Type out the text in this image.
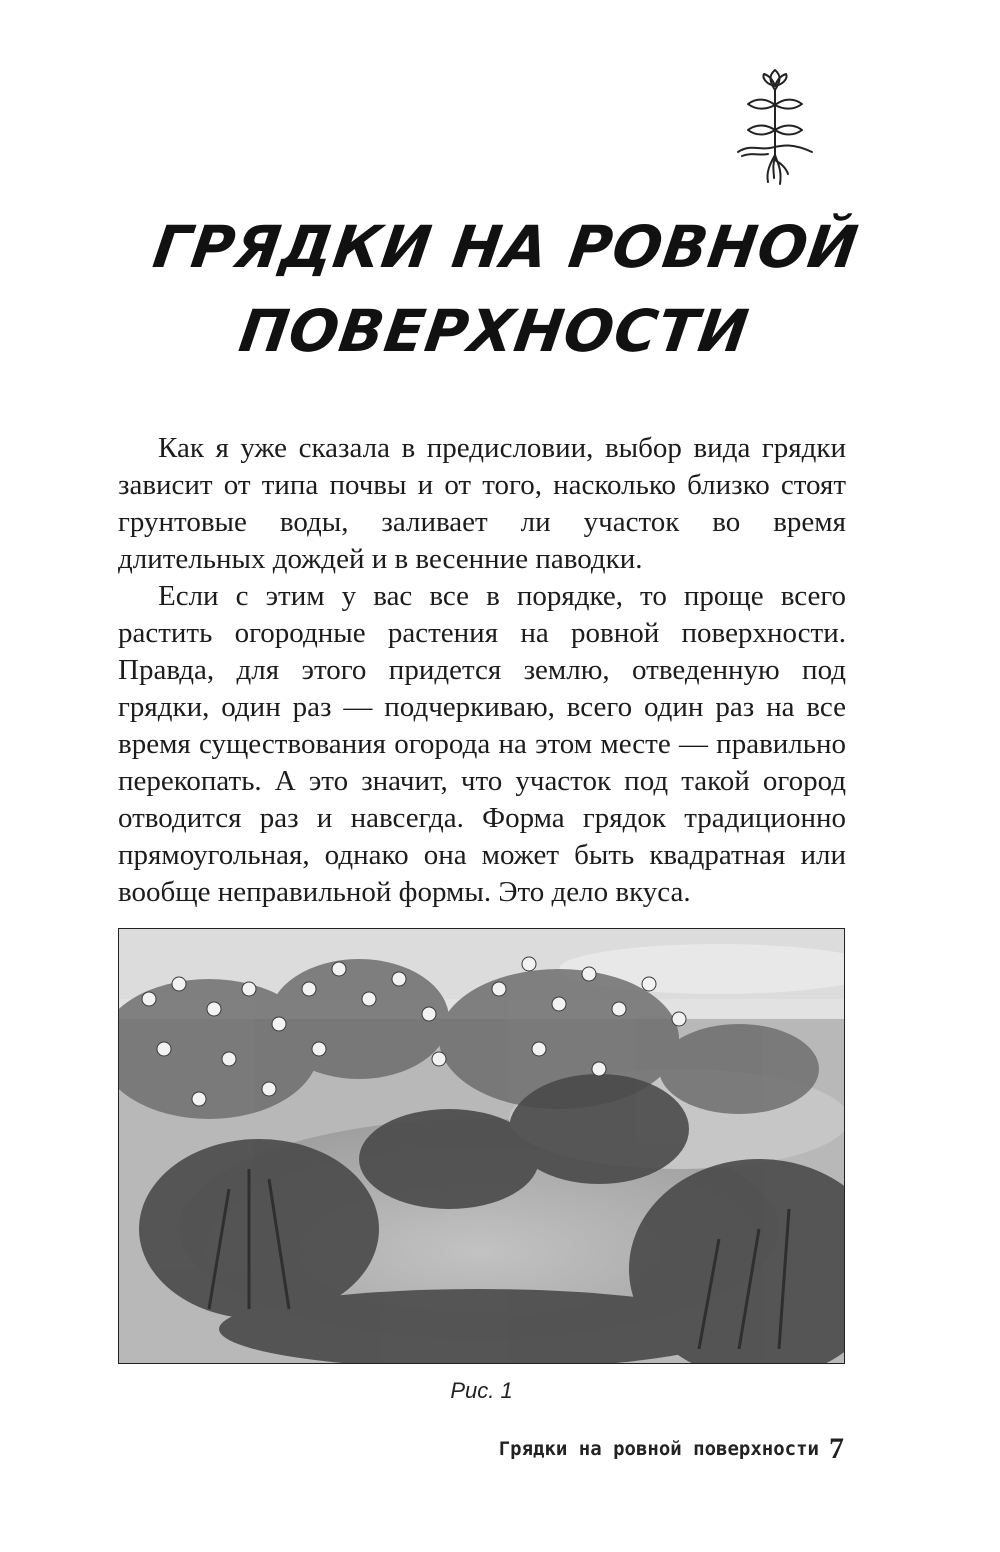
ГРЯДКИ НА РОВНОЙ
ПОВЕРХНОСТИ

Как я уже сказала в предисловии, выбор вида грядки зависит от типа почвы и от того, насколько близко стоят грунтовые воды, заливает ли участок во время длительных дождей и в весенние паводки.

Если с этим у вас все в порядке, то проще всего растить огородные растения на ровной поверхности. Правда, для этого придется землю, отведенную под грядки, один раз — подчеркиваю, всего один раз на все время существования огорода на этом месте — правильно перекопать. А это значит, что участок под такой огород отводится раз и навсегда. Форма грядок традиционно прямоугольная, однако она может быть квадратная или вообще неправильной формы. Это дело вкуса.

Рис. 1
Грядки на ровной поверхности 7
